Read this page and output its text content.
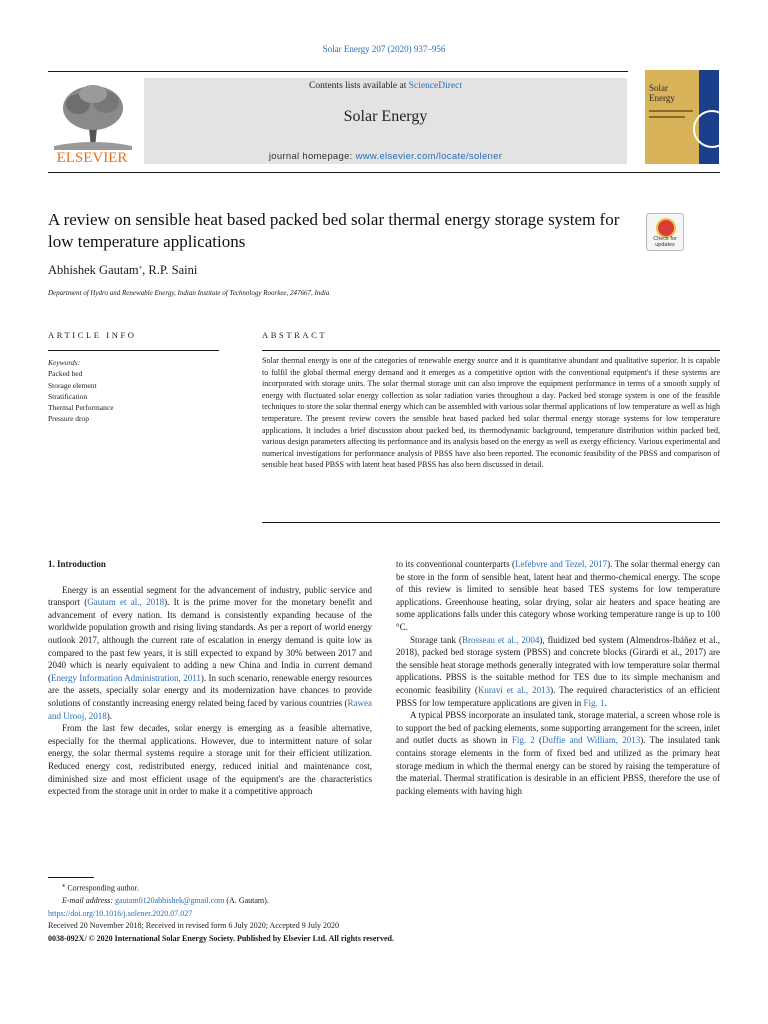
Solar Energy 207 (2020) 937–956
ELSEVIER
Contents lists available at ScienceDirect
Solar Energy
journal homepage: www.elsevier.com/locate/solener
Solar
Energy
A review on sensible heat based packed bed solar thermal energy storage system for low temperature applications	Check for
updates
Abhishek Gautam⁎, R.P. Saini
Department of Hydro and Renewable Energy, Indian Institute of Technology Roorkee, 247667, India
ARTICLE INFO	ABSTRACT
Keywords:
Packed bed
Storage element
Stratification
Thermal Performance
Pressure drop

Solar thermal energy is one of the categories of renewable energy source and it is quantitative abundant and qualitative superior. It is capable to fulfil the global thermal energy demand and it emerges as a competitive option with the conventional equipment's if these systems are incorporated with storage units. The solar thermal storage unit can also improve the equipment performance in terms of a smooth supply of energy with fluctuated solar energy collection as solar radiation varies throughout a day. Packed bed storage system is one of the feasible techniques to store the solar thermal energy which can be assembled with various solar thermal applications of low temperature as well as high temperature. The present review covers the sensible heat based packed bed solar thermal energy storage systems for low temperature applications. It includes a brief discussion about packed bed, its thermodynamic background, temperature distribution within packed bed, various design parameters affecting its performance and its analysis based on the energy as well as exergy efficiency. Various experimental and numerical investigations for performance analysis of PBSS have also been reported. The economic feasibility of the PBSS and comparison of sensible heat based PBSS with latent heat based PBSS has also been discussed in detail.

1. Introduction

Energy is an essential segment for the advancement of industry, public service and transport (Gautam et al., 2018). It is the prime mover for the monetary benefit and advancement of every nation. Its demand is consistently expanding because of the worldwide population growth and rising living standards. As per a report of world energy outlook 2017, although the current rate of escalation in energy demand is quite low as compared to the past few years, it is still expected to expand by 30% between 2017 and 2040 which is nearly equivalent to adding a new China and India in current demand (Energy Information Administration, 2011). In such scenario, renewable energy resources are the assets, specially solar energy and its modernization have chances to provide solutions of constantly increasing energy related being faced by various countries (Rawea and Urooj, 2018).

From the last few decades, solar energy is emerging as a feasible alternative, especially for the thermal applications. However, due to intermittent nature of solar energy, the solar thermal systems require a storage unit for their efficient utilization. Reduced energy cost, redistributed energy, reduced initial and maintenance cost, diminished size and most efficient usage of the equipment's are the characteristics expected from the storage unit in order to make it a competitive approach

to its conventional counterparts (Lefebvre and Tezel, 2017). The solar thermal energy can be store in the form of sensible heat, latent heat and thermo-chemical energy. The scope of this review is limited to sensible heat based TES systems for low temperature applications. Greenhouse heating, solar drying, solar air heaters and space heating are some applications falls under this category whose working temperature range is up to 100 °C.

Storage tank (Brosseau et al., 2004), fluidized bed system (Almendros-Ibáñez et al., 2018), packed bed storage system (PBSS) and concrete blocks (Girardi et al., 2017) are the sensible heat storage methods generally integrated with low temperature solar thermal applications. PBSS is the suitable method for TES due to its simple mechanism and economic feasibility (Kuravi et al., 2013). The required characteristics of an efficient PBSS for low temperature applications are given in Fig. 1.

A typical PBSS incorporate an insulated tank, storage material, a screen whose role is to support the bed of packing elements, some supporting arrangement for the screen, inlet and outlet ducts as shown in Fig. 2 (Duffie and William, 2013). The insulated tank contains storage elements in the form of fixed bed and utilized as the primary heat storage medium in which the thermal energy can be stored by raising the temperature of the material. Thermal stratification is desirable in an efficient PBSS, therefore the use of packing elements with having high

⁎ Corresponding author.
E-mail address: gautam0120abhishek@gmail.com (A. Gautam).
https://doi.org/10.1016/j.solener.2020.07.027
Received 20 November 2018; Received in revised form 6 July 2020; Accepted 9 July 2020
0038-092X/ © 2020 International Solar Energy Society. Published by Elsevier Ltd. All rights reserved.
